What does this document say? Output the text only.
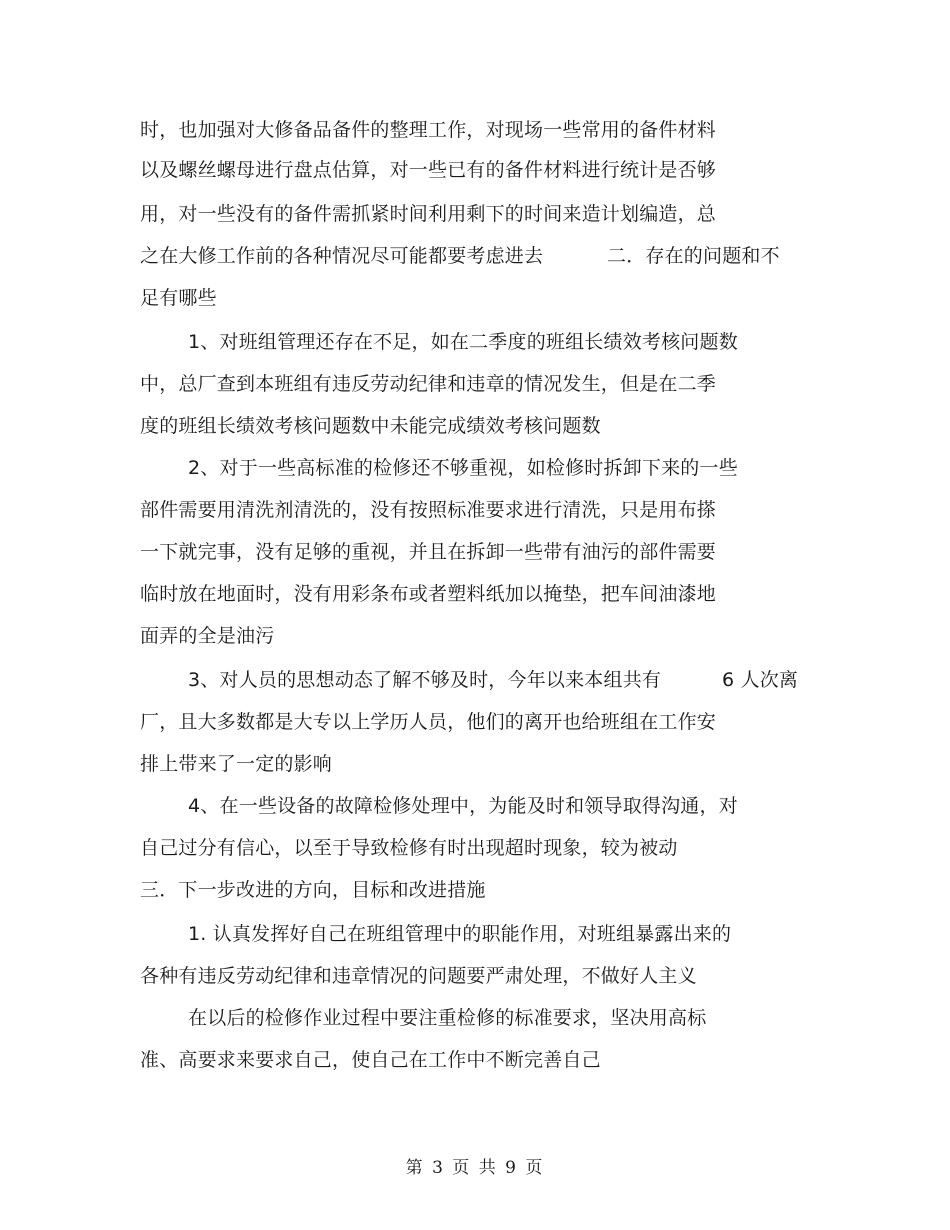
时，也加强对大修备品备件的整理工作，对现场一些常用的备件材料
以及螺丝螺母进行盘点估算，对一些已有的备件材料进行统计是否够
用，对一些没有的备件需抓紧时间利用剩下的时间来造计划编造，总
之在大修工作前的各种情况尽可能都要考虑进去	二．存在的问题和不
足有哪些
1、对班组管理还存在不足，如在二季度的班组长绩效考核问题数
中，总厂查到本班组有违反劳动纪律和违章的情况发生，但是在二季
度的班组长绩效考核问题数中未能完成绩效考核问题数
2、对于一些高标准的检修还不够重视，如检修时拆卸下来的一些
部件需要用清洗剂清洗的，没有按照标准要求进行清洗，只是用布搽
一下就完事，没有足够的重视，并且在拆卸一些带有油污的部件需要
临时放在地面时，没有用彩条布或者塑料纸加以掩垫，把车间油漆地
面弄的全是油污
3、对人员的思想动态了解不够及时，今年以来本组共有	6 人次离
厂，且大多数都是大专以上学历人员，他们的离开也给班组在工作安
排上带来了一定的影响
4、在一些设备的故障检修处理中，为能及时和领导取得沟通，对
自己过分有信心，以至于导致检修有时出现超时现象，较为被动
三．下一步改进的方向，目标和改进措施
1. 认真发挥好自己在班组管理中的职能作用，对班组暴露出来的
各种有违反劳动纪律和违章情况的问题要严肃处理，不做好人主义
在以后的检修作业过程中要注重检修的标准要求，坚决用高标
准、高要求来要求自己，使自己在工作中不断完善自己
第 3 页 共 9 页
